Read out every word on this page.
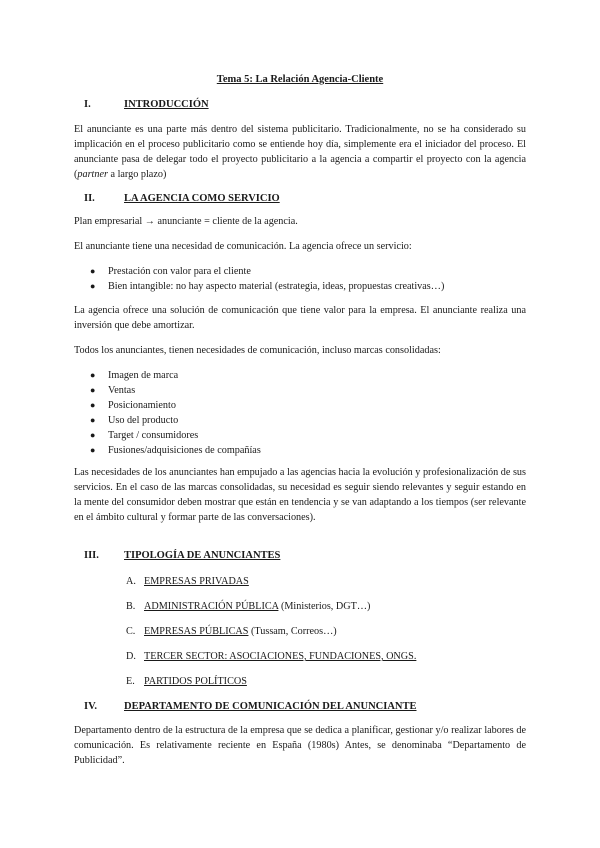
Tema 5: La Relación Agencia-Cliente
I.	INTRODUCCIÓN
El anunciante es una parte más dentro del sistema publicitario. Tradicionalmente, no se ha considerado su implicación en el proceso publicitario como se entiende hoy día, simplemente era el iniciador del proceso. El anunciante pasa de delegar todo el proyecto publicitario a la agencia a compartir el proyecto con la agencia (partner a largo plazo)
II.	LA AGENCIA COMO SERVICIO
Plan empresarial → anunciante = cliente de la agencia.
El anunciante tiene una necesidad de comunicación. La agencia ofrece un servicio:
● Prestación con valor para el cliente
● Bien intangible: no hay aspecto material (estrategia, ideas, propuestas creativas…)
La agencia ofrece una solución de comunicación que tiene valor para la empresa. El anunciante realiza una inversión que debe amortizar.
Todos los anunciantes, tienen necesidades de comunicación, incluso marcas consolidadas:
● Imagen de marca
● Ventas
● Posicionamiento
● Uso del producto
● Target / consumidores
● Fusiones/adquisiciones de compañías
Las necesidades de los anunciantes han empujado a las agencias hacia la evolución y profesionalización de sus servicios. En el caso de las marcas consolidadas, su necesidad es seguir siendo relevantes y seguir estando en la mente del consumidor deben mostrar que están en tendencia y se van adaptando a los tiempos (ser relevante en el ámbito cultural y formar parte de las conversaciones).
III. TIPOLOGÍA DE ANUNCIANTES
A. EMPRESAS PRIVADAS
B. ADMINISTRACIÓN PÚBLICA (Ministerios, DGT…)
C. EMPRESAS PÚBLICAS (Tussam, Correos…)
D. TERCER SECTOR: ASOCIACIONES, FUNDACIONES, ONGS.
E. PARTIDOS POLÍTICOS
IV.	DEPARTAMENTO DE COMUNICACIÓN DEL ANUNCIANTE
Departamento dentro de la estructura de la empresa que se dedica a planificar, gestionar y/o realizar labores de comunicación. Es relativamente reciente en España (1980s) Antes, se denominaba “Departamento de Publicidad”.
